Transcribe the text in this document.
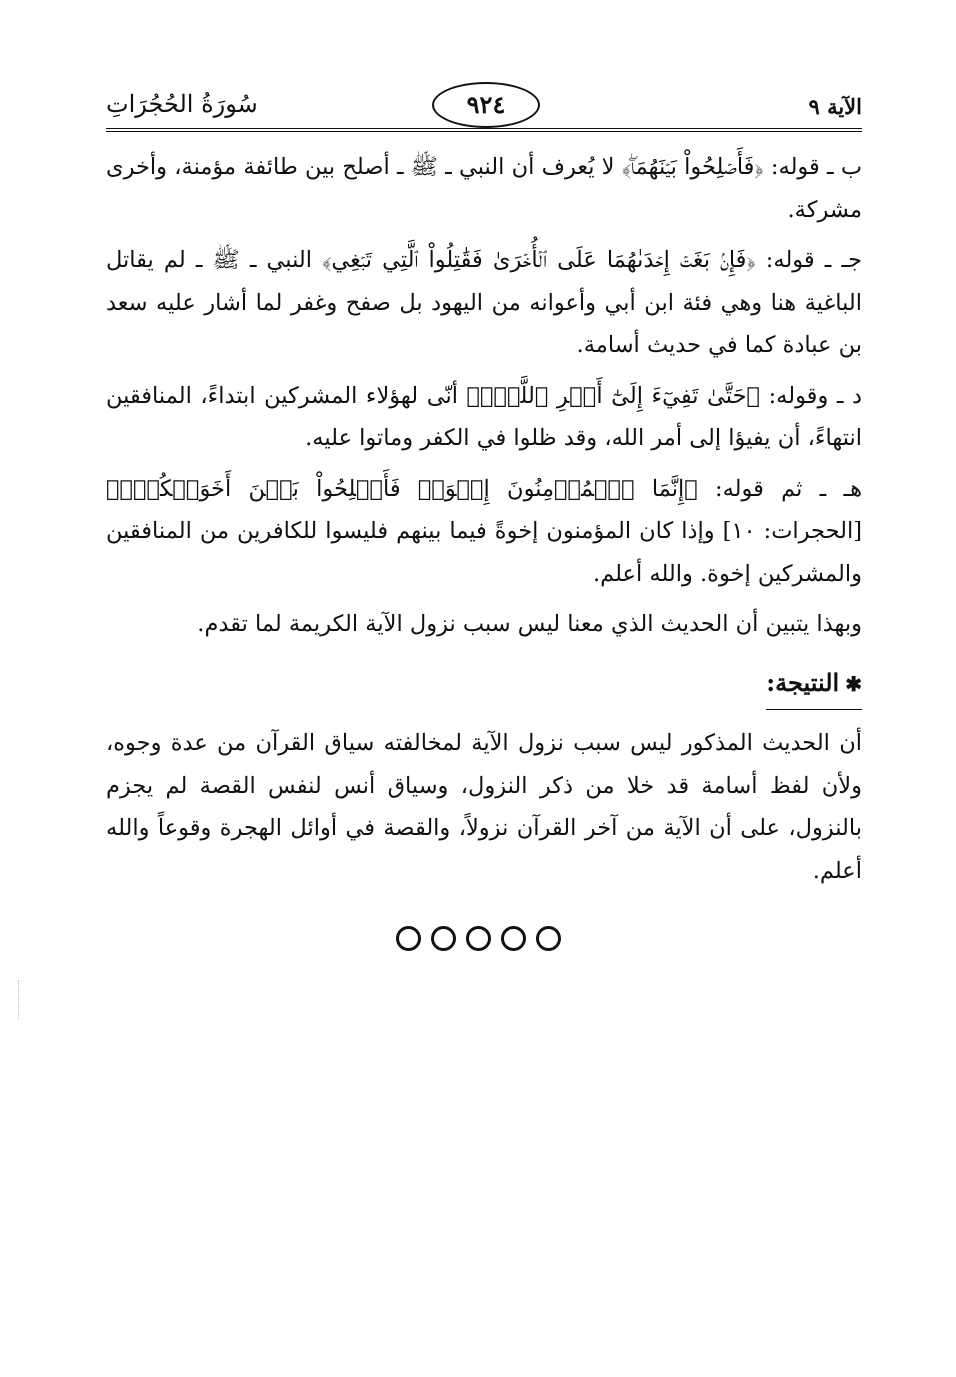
الآية ٩
٩٢٤
سُورَةُ الحُجُرَاتِ

ب ـ قوله: ﴿فَأَصۡلِحُواْ بَيۡنَهُمَاۖ﴾ لا يُعرف أن النبي ـ ﷺ ـ أصلح بين طائفة مؤمنة، وأخرى مشركة.

جـ ـ قوله: ﴿فَإِنۢ بَغَتۡ إِحۡدَىٰهُمَا عَلَى ٱلۡأُخۡرَىٰ فَقَٰتِلُواْ ٱلَّتِي تَبۡغِي﴾ النبي ـ ﷺ ـ لم يقاتل الباغية هنا وهي فئة ابن أبي وأعوانه من اليهود بل صفح وغفر لما أشار عليه سعد بن عبادة كما في حديث أسامة.

د ـ وقوله: ﴿حَتَّىٰ تَفِيٓءَ إِلَىٰٓ أَمۡرِ ٱللَّهِۚ﴾ أنّى لهؤلاء المشركين ابتداءً، المنافقين انتهاءً، أن يفيؤا إلى أمر الله، وقد ظلوا في الكفر وماتوا عليه.

هـ ـ ثم قوله: ﴿إِنَّمَا ٱلۡمُؤۡمِنُونَ إِخۡوَةٞ فَأَصۡلِحُواْ بَيۡنَ أَخَوَيۡكُمۡۚ﴾ [الحجرات: ١٠] وإذا كان المؤمنون إخوةً فيما بينهم فليسوا للكافرين من المنافقين والمشركين إخوة. والله أعلم.

وبهذا يتبين أن الحديث الذي معنا ليس سبب نزول الآية الكريمة لما تقدم.

✱النتيجة:

أن الحديث المذكور ليس سبب نزول الآية لمخالفته سياق القرآن من عدة وجوه، ولأن لفظ أسامة قد خلا من ذكر النزول، وسياق أنس لنفس القصة لم يجزم بالنزول، على أن الآية من آخر القرآن نزولاً، والقصة في أوائل الهجرة وقوعاً والله أعلم.
